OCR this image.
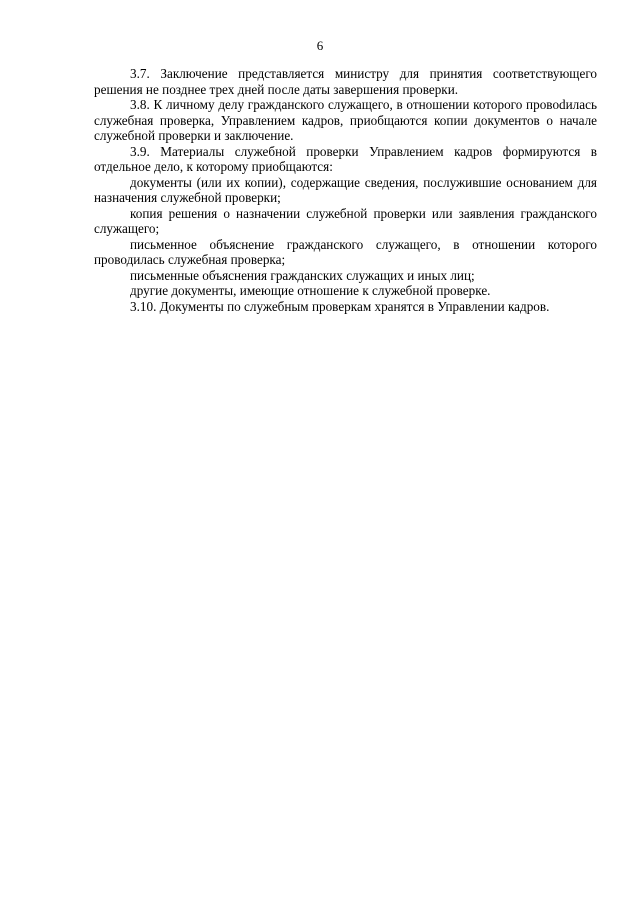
6

3.7. Заключение представляется министру для принятия соответствующего решения не позднее трех дней после даты завершения проверки.

3.8. К личному делу гражданского служащего, в отношении которого провоdилась служебная проверка, Управлением кадров, приобщаются копии документов о начале служебной проверки и заключение.

3.9. Материалы служебной проверки Управлением кадров формируются в отдельное дело, к которому приобщаются:

документы (или их копии), содержащие сведения, послужившие основанием для назначения служебной проверки;

копия решения о назначении служебной проверки или заявления гражданского служащего;

письменное объяснение гражданского служащего, в отношении которого проводилась служебная проверка;

письменные объяснения гражданских служащих и иных лиц;

другие документы, имеющие отношение к служебной проверке.

3.10. Документы по служебным проверкам хранятся в Управлении кадров.
